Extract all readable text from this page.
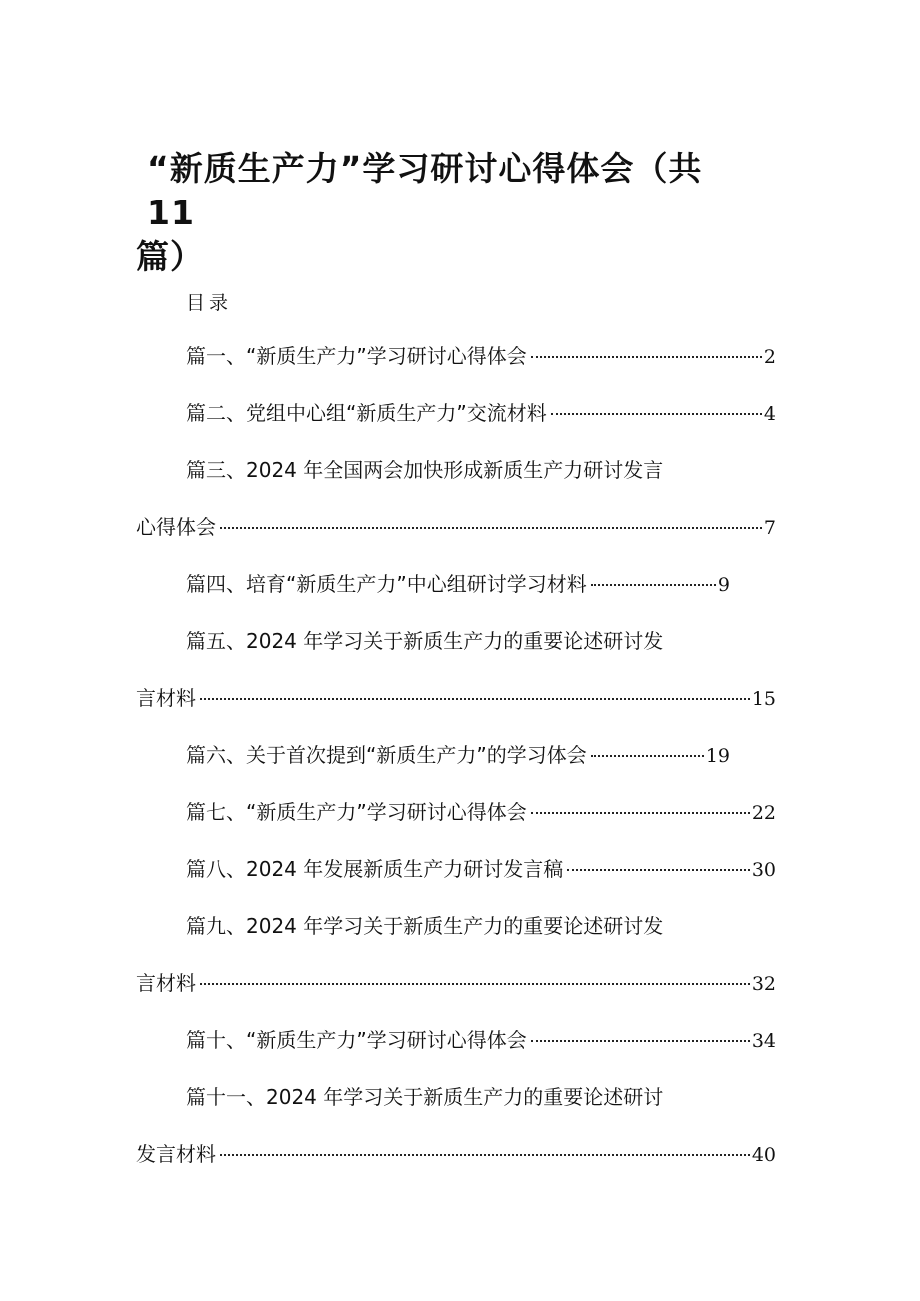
“新质生产力”学习研讨心得体会（共 11
篇）
目录
篇一、“新质生产力”学习研讨心得体会	2
篇二、党组中心组“新质生产力”交流材料	4
篇三、2024 年全国两会加快形成新质生产力研讨发言
心得体会	7
篇四、培育“新质生产力”中心组研讨学习材料	9
篇五、2024 年学习关于新质生产力的重要论述研讨发
言材料	15
篇六、关于首次提到“新质生产力”的学习体会	19
篇七、“新质生产力”学习研讨心得体会	22
篇八、2024 年发展新质生产力研讨发言稿	30
篇九、2024 年学习关于新质生产力的重要论述研讨发
言材料	32
篇十、“新质生产力”学习研讨心得体会	34
篇十一、2024 年学习关于新质生产力的重要论述研讨
发言材料	40
